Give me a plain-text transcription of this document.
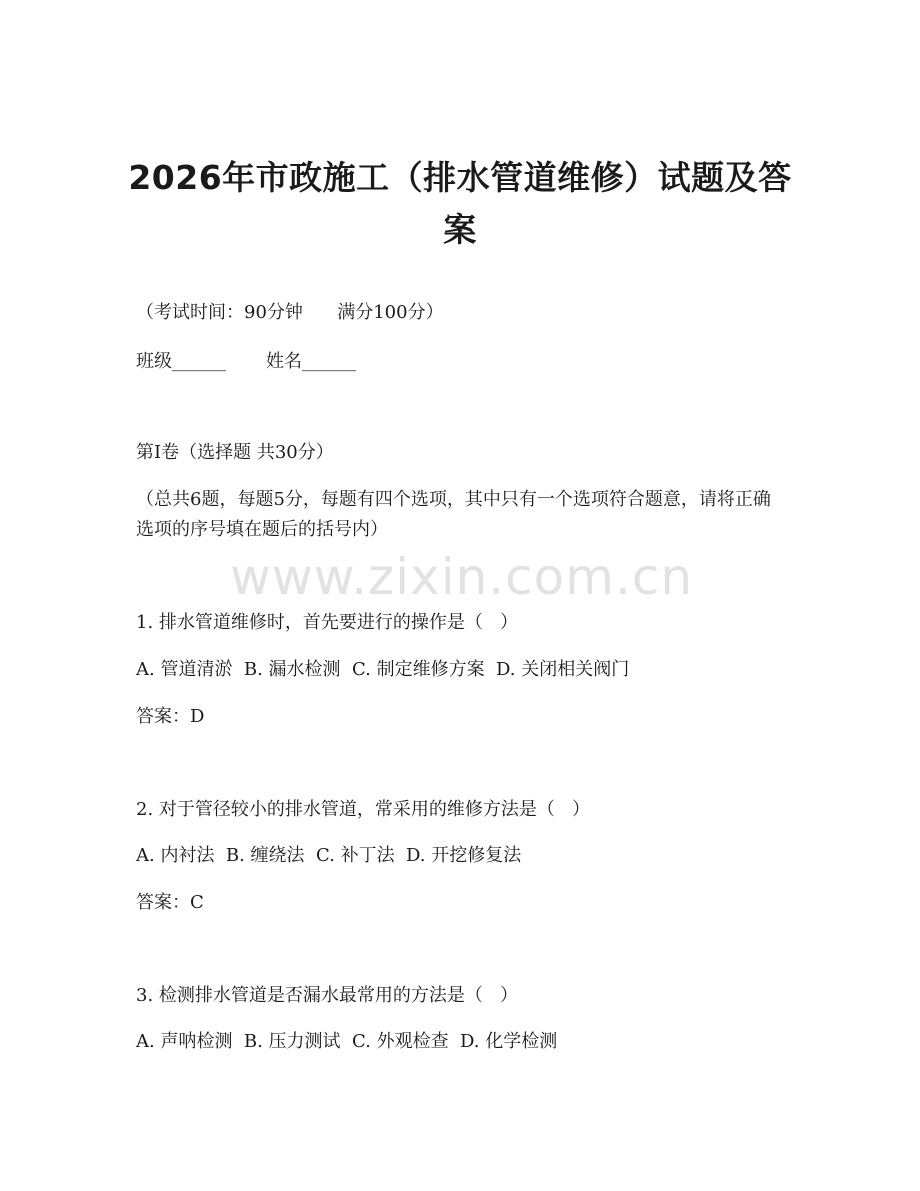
2026年市政施工（排水管道维修）试题及答案
（考试时间：90分钟      满分100分）
班级______       姓名______
第I卷（选择题 共30分）
（总共6题，每题5分，每题有四个选项，其中只有一个选项符合题意，请将正确选项的序号填在题后的括号内）
www.zixin.com.cn
1. 排水管道维修时，首先要进行的操作是（   ）
A. 管道清淤  B. 漏水检测  C. 制定维修方案  D. 关闭相关阀门
答案：D
2. 对于管径较小的排水管道，常采用的维修方法是（   ）
A. 内衬法  B. 缠绕法  C. 补丁法  D. 开挖修复法
答案：C
3. 检测排水管道是否漏水最常用的方法是（   ）
A. 声呐检测  B. 压力测试  C. 外观检查  D. 化学检测
